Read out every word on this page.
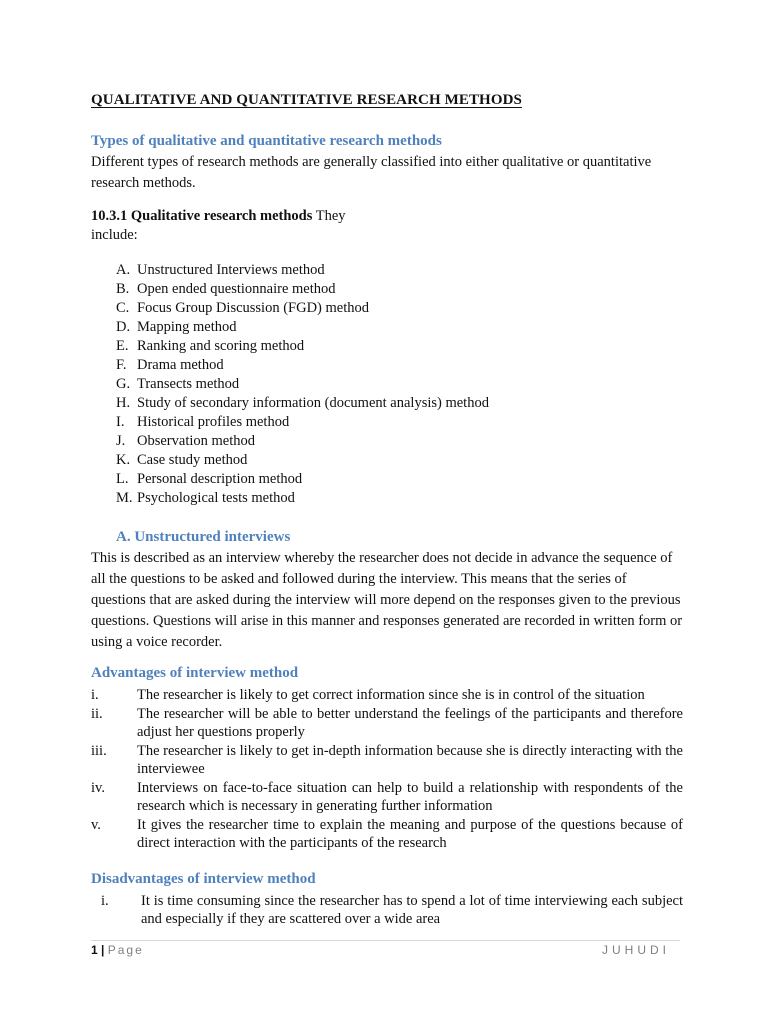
QUALITATIVE AND QUANTITATIVE RESEARCH METHODS
Types of qualitative and quantitative research methods
Different types of research methods are generally classified into either qualitative or quantitative research methods.
10.3.1 Qualitative research methods They
include:
A. Unstructured Interviews method
B. Open ended questionnaire method
C. Focus Group Discussion (FGD) method
D. Mapping method
E. Ranking and scoring method
F. Drama method
G. Transects method
H. Study of secondary information (document analysis) method
I. Historical profiles method
J. Observation method
K. Case study method
L. Personal description method
M. Psychological tests method
A. Unstructured interviews
This is described as an interview whereby the researcher does not decide in advance the sequence of all the questions to be asked and followed during the interview. This means that the series of questions that are asked during the interview will more depend on the responses given to the previous questions. Questions will arise in this manner and responses generated are recorded in written form or using a voice recorder.
Advantages of interview method
i.	The researcher is likely to get correct information since she is in control of the situation
ii.	The researcher will be able to better understand the feelings of the participants and therefore adjust her questions properly
iii.	The researcher is likely to get in-depth information because she is directly interacting with the interviewee
iv.	Interviews on face-to-face situation can help to build a relationship with respondents of the research which is necessary in generating further information
v.	It gives the researcher time to explain the meaning and purpose of the questions because of direct interaction with the participants of the research
Disadvantages of interview method
i.	It is time consuming since the researcher has to spend a lot of time interviewing each subject and especially if they are scattered over a wide area
1 | Page	JUHUDI
